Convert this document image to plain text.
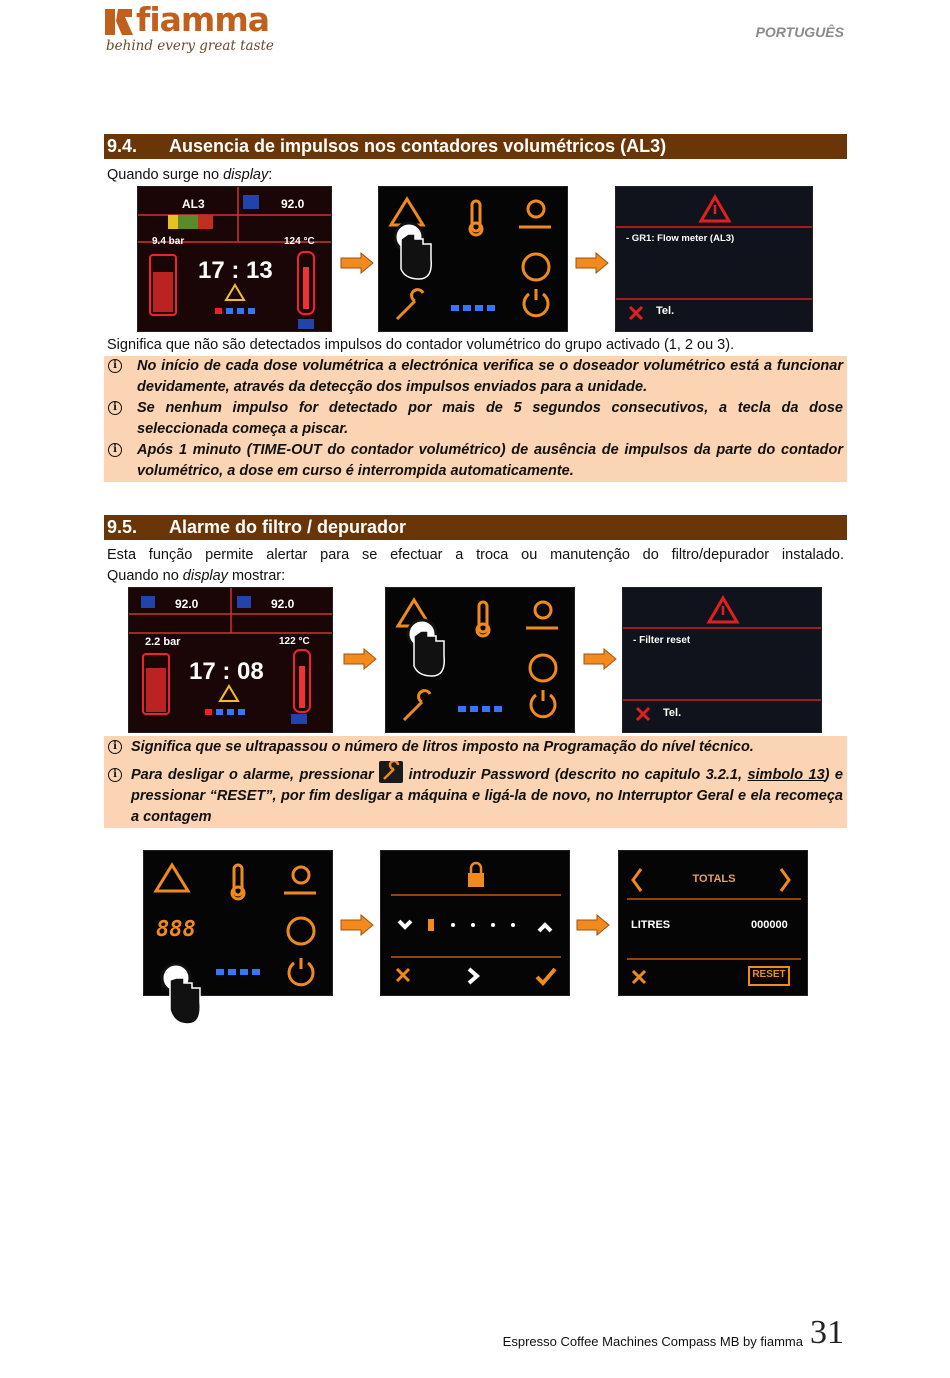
fiamma
behind every great taste
PORTUGUÊS
9.4. Ausencia de impulsos nos contadores volumétricos (AL3)
Quando surge no display:
AL3	92.0
9.4 bar	124 °C
17 : 13
- GR1: Flow meter (AL3)
Tel.
Significa que não são detectados impulsos do contador volumétrico do grupo activado (1, 2 ou 3).
i	No início de cada dose volumétrica a electrónica verifica se o doseador volumétrico está a funcionar devidamente, através da detecção dos impulsos enviados para a unidade.
i	Se nenhum impulso for detectado por mais de 5 segundos consecutivos, a tecla da dose seleccionada começa a piscar.
i	Após 1 minuto (TIME-OUT do contador volumétrico) de ausência de impulsos da parte do contador volumétrico, a dose em curso é interrompida automaticamente.
9.5. Alarme do filtro / depurador
Esta função permite alertar para se efectuar a troca ou manutenção do filtro/depurador instalado.
Quando no display mostrar:
92.0	92.0
2.2 bar	122 °C
17 : 08
- Filter reset
Tel.
i Significa que se ultrapassou o número de litros imposto na Programação do nível técnico.
i Para desligar o alarme, pressionar  introduzir Password (descrito no capitulo 3.2.1, simbolo 13) e pressionar “RESET”, por fim desligar a máquina e ligá-la de novo, no Interruptor Geral e ela recomeça a contagem
888
TOTALS
LITRES	000000
RESET
Espresso Coffee Machines Compass MB by fiamma 31
